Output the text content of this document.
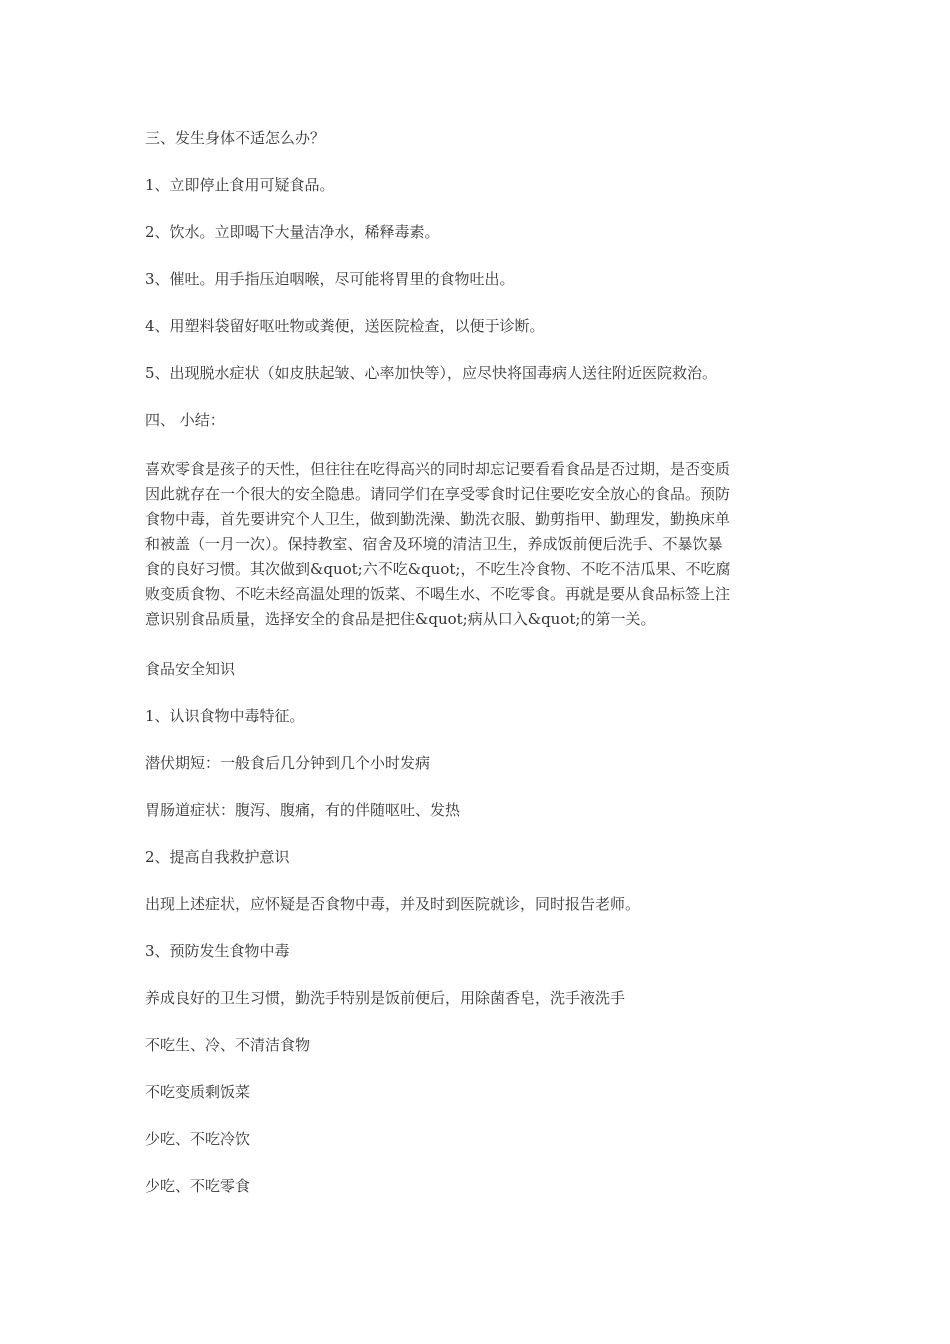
三、发生身体不适怎么办？

1、立即停止食用可疑食品。

2、饮水。立即喝下大量洁净水，稀释毒素。

3、催吐。用手指压迫咽喉，尽可能将胃里的食物吐出。

4、用塑料袋留好呕吐物或粪便，送医院检查，以便于诊断。

5、出现脱水症状（如皮肤起皱、心率加快等），应尽快将国毒病人送往附近医院救治。

四、 小结：

喜欢零食是孩子的天性，但往往在吃得高兴的同时却忘记要看看食品是否过期，是否变质
因此就存在一个很大的安全隐患。请同学们在享受零食时记住要吃安全放心的食品。预防
食物中毒，首先要讲究个人卫生，做到勤洗澡、勤洗衣服、勤剪指甲、勤理发，勤换床单
和被盖（一月一次）。保持教室、宿舍及环境的清洁卫生，养成饭前便后洗手、不暴饮暴
食的良好习惯。其次做到&quot;六不吃&quot;，不吃生冷食物、不吃不洁瓜果、不吃腐
败变质食物、不吃未经高温处理的饭菜、不喝生水、不吃零食。再就是要从食品标签上注
意识别食品质量，选择安全的食品是把住&quot;病从口入&quot;的第一关。

食品安全知识

1、认识食物中毒特征。

潜伏期短：一般食后几分钟到几个小时发病

胃肠道症状：腹泻、腹痛，有的伴随呕吐、发热

2、提高自我救护意识

出现上述症状，应怀疑是否食物中毒，并及时到医院就诊，同时报告老师。

3、预防发生食物中毒

养成良好的卫生习惯，勤洗手特别是饭前便后，用除菌香皂，洗手液洗手

不吃生、冷、不清洁食物

不吃变质剩饭菜

少吃、不吃冷饮

少吃、不吃零食
